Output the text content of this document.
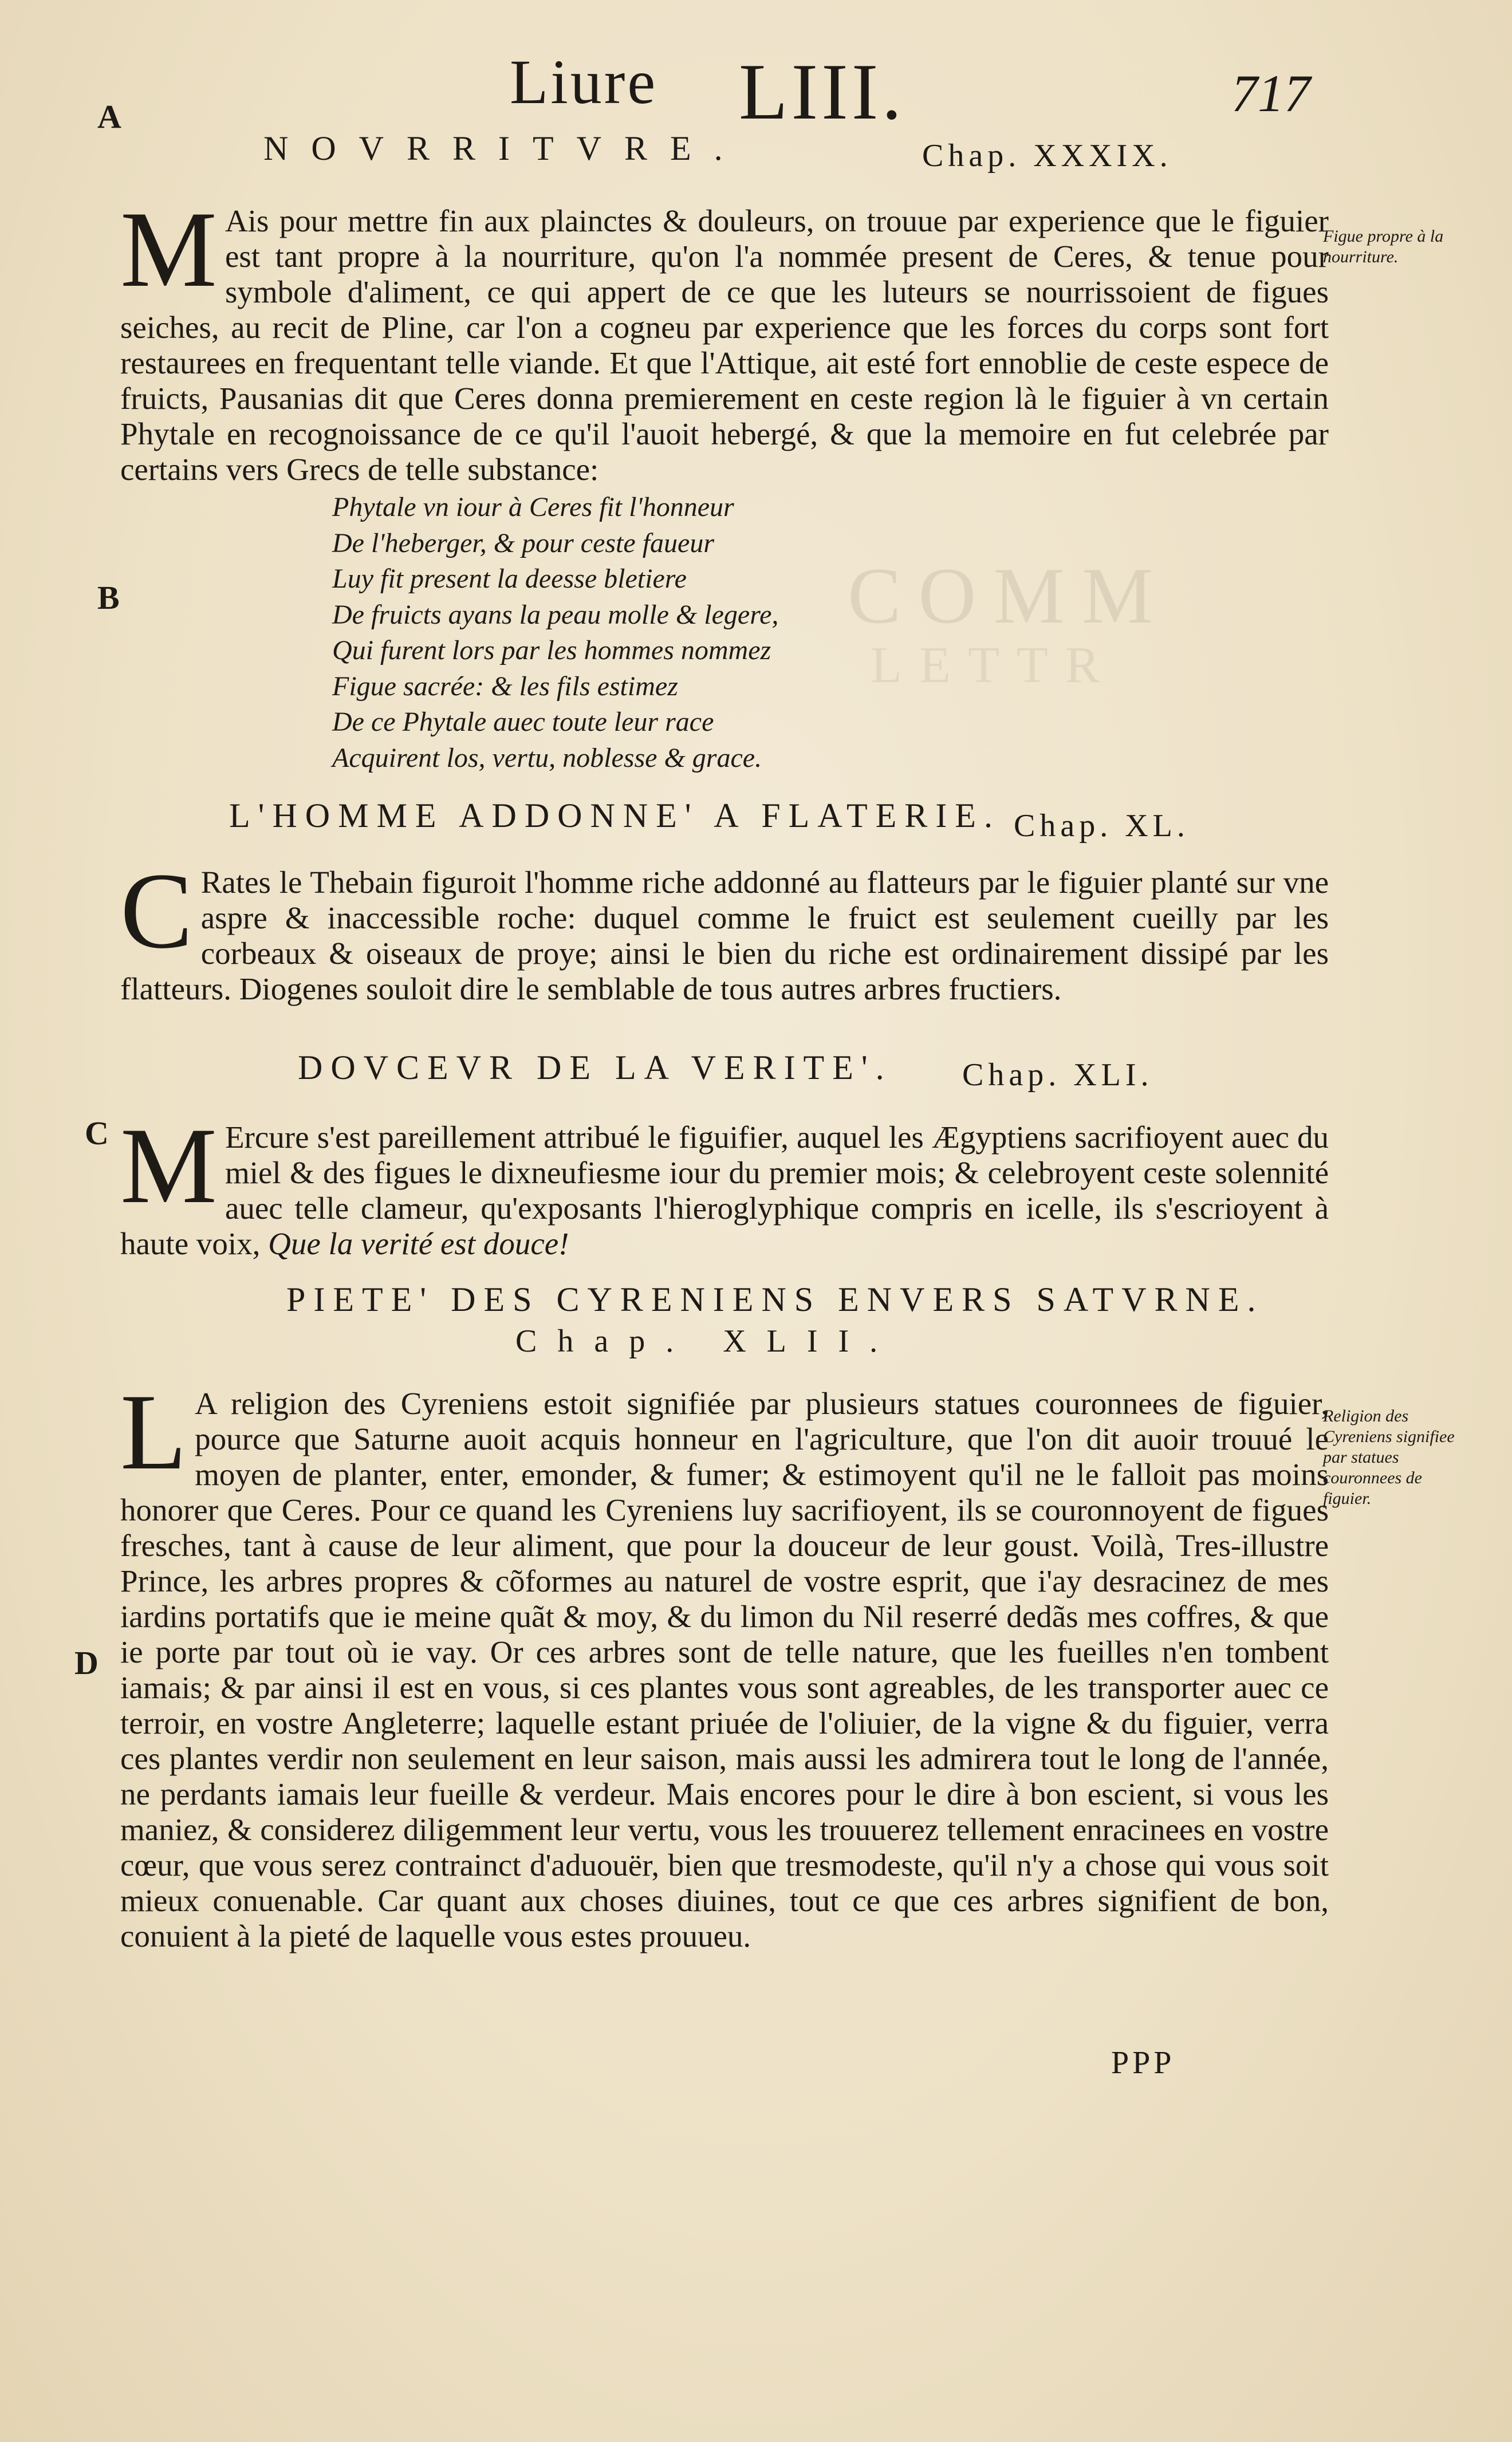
COMM
LETTR
Liure LIII.	717
A
B
C
D
NOVRRITVRE.	Chap. XXXIX.
M Ais pour mettre fin aux plainctes & douleurs, on trouue par experience que le figuier est tant propre à la nourriture, qu'on l'a nommée present de Ceres, & tenue pour symbole d'aliment, ce qui appert de ce que les luteurs se nourrissoient de figues seiches, au recit de Pline, car l'on a cogneu par experience que les forces du corps sont fort restaurees en frequentant telle viande. Et que l'Attique, ait esté fort ennoblie de ceste espece de fruicts, Pausanias dit que Ceres donna premierement en ceste region là le figuier à vn certain Phytale en recognoissance de ce qu'il l'auoit hebergé, & que la memoire en fut celebrée par certains vers Grecs de telle substance:
Figue propre à la nourriture.
Phytale vn iour à Ceres fit l'honneur
De l'heberger, & pour ceste faueur
Luy fit present la deesse bletiere
De fruicts ayans la peau molle & legere,
Qui furent lors par les hommes nommez
Figue sacrée: & les fils estimez
De ce Phytale auec toute leur race
Acquirent los, vertu, noblesse & grace.
L'HOMME ADDONNE' A FLATERIE. Chap. XL.
C Rates le Thebain figuroit l'homme riche addonné au flatteurs par le figuier planté sur vne aspre & inaccessible roche: duquel comme le fruict est seulement cueilly par les corbeaux & oiseaux de proye; ainsi le bien du riche est ordinairement dissipé par les flatteurs. Diogenes souloit dire le semblable de tous autres arbres fructiers.
DOVCEVR DE LA VERITE'. Chap. XLI.
M Ercure s'est pareillement attribué le figuifier, auquel les Ægyptiens sacrifioyent auec du miel & des figues le dixneufiesme iour du premier mois; & celebroyent ceste solennité auec telle clameur, qu'exposants l'hieroglyphique compris en icelle, ils s'escrioyent à haute voix, Que la verité est douce!
PIETE' DES CYRENIENS ENVERS SATVRNE.
Chap. XLII.
L A religion des Cyreniens estoit signifiée par plusieurs statues couronnees de figuier, pource que Saturne auoit acquis honneur en l'agriculture, que l'on dit auoir trouué le moyen de planter, enter, emonder, & fumer; & estimoyent qu'il ne le falloit pas moins honorer que Ceres. Pour ce quand les Cyreniens luy sacrifioyent, ils se couronnoyent de figues fresches, tant à cause de leur aliment, que pour la douceur de leur goust. Voilà, Tres-illustre Prince, les arbres propres & cõformes au naturel de vostre esprit, que i'ay desracinez de mes iardins portatifs que ie meine quãt & moy, & du limon du Nil reserré dedãs mes coffres, & que ie porte par tout où ie vay. Or ces arbres sont de telle nature, que les fueilles n'en tombent iamais; & par ainsi il est en vous, si ces plantes vous sont agreables, de les transporter auec ce terroir, en vostre Angleterre; laquelle estant priuée de l'oliuier, de la vigne & du figuier, verra ces plantes verdir non seulement en leur saison, mais aussi les admirera tout le long de l'année, ne perdants iamais leur fueille & verdeur. Mais encores pour le dire à bon escient, si vous les maniez, & considerez diligemment leur vertu, vous les trouuerez tellement enracinees en vostre cœur, que vous serez contrainct d'aduouër, bien que tresmodeste, qu'il n'y a chose qui vous soit mieux conuenable. Car quant aux choses diuines, tout ce que ces arbres signifient de bon, conuient à la pieté de laquelle vous estes prouueu.
Religion des Cyreniens signifiee par statues couronnees de figuier.
PPP
